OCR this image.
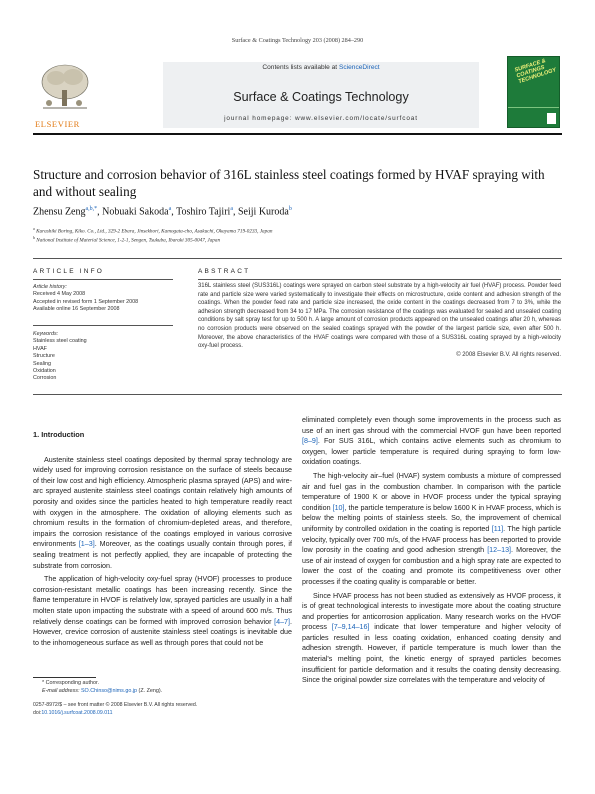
Surface & Coatings Technology 203 (2008) 284–290
ELSEVIER
Contents lists available at ScienceDirect
Surface & Coatings Technology
journal homepage: www.elsevier.com/locate/surfcoat
SURFACE & COATINGS TECHNOLOGY
Structure and corrosion behavior of 316L stainless steel coatings formed by HVAF spraying with and without sealing
Zhensu Zeng$^{a,b,*}$, Nobuaki Sakoda$^a$, Toshiro Tajiri$^a$, Seiji Kuroda$^b$
$^a$ Kurashiki Boring, Kiko. Co., Ltd., 329-2 Ebara, Jinsekhori, Kamogata-cho, Asakuchi, Okayama 719-0233, Japan
$^b$ National Institute of Material Science, 1-2-1, Sengen, Tsukuba, Ibaraki 305-0047, Japan
ARTICLE INFO
Article history:
Received 4 May 2008
Accepted in revised form 1 September 2008
Available online 16 September 2008
Keywords:
Stainless steel coating
HVAF
Structure
Sealing
Oxidation
Corrosion
ABSTRACT
316L stainless steel (SUS316L) coatings were sprayed on carbon steel substrate by a high-velocity air fuel (HVAF) process. Powder feed rate and particle size were varied systematically to investigate their effects on microstructure, oxide content and adhesion strength of the coatings. When the powder feed rate and particle size increased, the oxide content in the coatings decreased from 7 to 3%, while the adhesion strength decreased from 34 to 17 MPa. The corrosion resistance of the coatings was evaluated for sealed and unsealed coating conditions by salt spray test for up to 500 h. A large amount of corrosion products appeared on the unsealed coatings after 20 h, whereas no corrosion products were observed on the sealed coatings sprayed with the powder of the largest particle size, even after 500 h. Moreover, the above characteristics of the HVAF coatings were compared with those of a SUS316L coating sprayed by a high-velocity oxy-fuel process.
© 2008 Elsevier B.V. All rights reserved.

1. Introduction

Austenite stainless steel coatings deposited by thermal spray technology are widely used for improving corrosion resistance on the surface of steels because of their low cost and high efficiency. Atmospheric plasma sprayed (APS) and wire-arc sprayed austenite stainless steel coatings contain relatively high amounts of porosity and oxides since the particles heated to high temperature readily react with oxygen in the atmosphere. The oxidation of alloying elements such as chromium results in the formation of chromium-depleted areas, and therefore, impairs the corrosion resistance of the coatings employed in various corrosive environments [1–3]. Moreover, as the coatings usually contain through pores, if sealing treatment is not perfectly applied, they are incapable of protecting the substrate from corrosion.

The application of high-velocity oxy-fuel spray (HVOF) processes to produce corrosion-resistant metallic coatings has been increasing recently. Since the flame temperature in HVOF is relatively low, sprayed particles are usually in a half molten state upon impacting the substrate with a speed of around 600 m/s. Thus relatively dense coatings can be formed with improved corrosion behavior [4–7]. However, crevice corrosion of austenite stainless steel coatings is inevitable due to the inhomogeneous surface as well as through pores that could not be

eliminated completely even though some improvements in the process such as use of an inert gas shroud with the commercial HVOF gun have been reported [8–9]. For SUS 316L, which contains active elements such as chromium to oxygen, lower particle temperature is required during spraying to form low-oxidation coatings.

The high-velocity air–fuel (HVAF) system combusts a mixture of compressed air and fuel gas in the combustion chamber. In comparison with the particle temperature of 1900 K or above in HVOF process under the typical spraying condition [10], the particle temperature is below 1600 K in HVAF process, which is below the melting points of stainless steels. So, the improvement of chemical uniformity by controlled oxidation in the coating is reported [11]. The high particle velocity, typically over 700 m/s, of the HVAF process has been reported to provide low porosity in the coating and good adhesion strength [12–13]. Moreover, the use of air instead of oxygen for combustion and a high spray rate are expected to lower the cost of the coating and promote its competitiveness over other processes if the coating quality is comparable or better.

Since HVAF process has not been studied as extensively as HVOF process, it is of great technological interests to investigate more about the coating structure and properties for anticorrosion application. Many research works on the HVOF process [7–9,14–16] indicate that lower temperature and higher velocity of particles resulted in less coating oxidation, enhanced coating density and adhesion strength. However, if particle temperature is much lower than the material's melting point, the kinetic energy of sprayed particles becomes insufficient for particle deformation and it results the coating density decreasing. Since the original powder size correlates with the temperature and velocity of

* Corresponding author.
E-mail address: SO.Chinso@nims.go.jp (Z. Zeng).
0257-8972/$ – see front matter © 2008 Elsevier B.V. All rights reserved.
doi:10.1016/j.surfcoat.2008.09.011
